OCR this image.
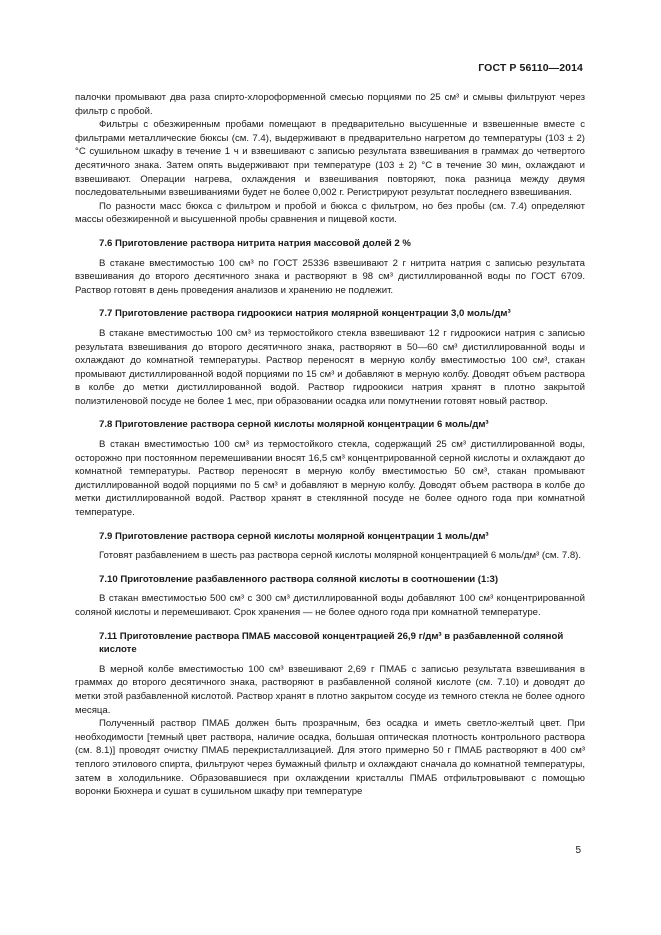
ГОСТ Р 56110—2014

палочки промывают два раза спирто-хлороформенной смесью порциями по 25 см³ и смывы фильтруют через фильтр с пробой.

Фильтры с обезжиренным пробами помещают в предварительно высушенные и взвешенные вместе с фильтрами металлические бюксы (см. 7.4), выдерживают в предварительно нагретом до температуры (103 ± 2) °С сушильном шкафу в течение 1 ч и взвешивают с записью результата взвешивания в граммах до четвертого десятичного знака. Затем опять выдерживают при температуре (103 ± 2) °С в течение 30 мин, охлаждают и взвешивают. Операции нагрева, охлаждения и взвешивания повторяют, пока разница между двумя последовательными взвешиваниями будет не более 0,002 г. Регистрируют результат последнего взвешивания.

По разности масс бюкса с фильтром и пробой и бюкса с фильтром, но без пробы (см. 7.4) определяют массы обезжиренной и высушенной пробы сравнения и пищевой кости.

7.6 Приготовление раствора нитрита натрия массовой долей 2 %

В стакане вместимостью 100 см³ по ГОСТ 25336 взвешивают 2 г нитрита натрия с записью результата взвешивания до второго десятичного знака и растворяют в 98 см³ дистиллированной воды по ГОСТ 6709. Раствор готовят в день проведения анализов и хранению не подлежит.

7.7 Приготовление раствора гидроокиси натрия молярной концентрации 3,0 моль/дм³

В стакане вместимостью 100 см³ из термостойкого стекла взвешивают 12 г гидроокиси натрия с записью результата взвешивания до второго десятичного знака, растворяют в 50—60 см³ дистиллированной воды и охлаждают до комнатной температуры. Раствор переносят в мерную колбу вместимостью 100 см³, стакан промывают дистиллированной водой порциями по 15 см³ и добавляют в мерную колбу. Доводят объем раствора в колбе до метки дистиллированной водой. Раствор гидроокиси натрия хранят в плотно закрытой полиэтиленовой посуде не более 1 мес, при образовании осадка или помутнении готовят новый раствор.

7.8 Приготовление раствора серной кислоты молярной концентрации 6 моль/дм³

В стакан вместимостью 100 см³ из термостойкого стекла, содержащий 25 см³ дистиллированной воды, осторожно при постоянном перемешивании вносят 16,5 см³ концентрированной серной кислоты и охлаждают до комнатной температуры. Раствор переносят в мерную колбу вместимостью 50 см³, стакан промывают дистиллированной водой порциями по 5 см³ и добавляют в мерную колбу. Доводят объем раствора в колбе до метки дистиллированной водой. Раствор хранят в стеклянной посуде не более одного года при комнатной температуре.

7.9 Приготовление раствора серной кислоты молярной концентрации 1 моль/дм³

Готовят разбавлением в шесть раз раствора серной кислоты молярной концентрацией 6 моль/дм³ (см. 7.8).

7.10 Приготовление разбавленного раствора соляной кислоты в соотношении (1:3)

В стакан вместимостью 500 см³ с 300 см³ дистиллированной воды добавляют 100 см³ концентрированной соляной кислоты и перемешивают. Срок хранения — не более одного года при комнатной температуре.

7.11 Приготовление раствора ПМАБ массовой концентрацией 26,9 г/дм³ в разбавленной соляной кислоте

В мерной колбе вместимостью 100 см³ взвешивают 2,69 г ПМАБ с записью результата взвешивания в граммах до второго десятичного знака, растворяют в разбавленной соляной кислоте (см. 7.10) и доводят до метки этой разбавленной кислотой. Раствор хранят в плотно закрытом сосуде из темного стекла не более одного месяца.

Полученный раствор ПМАБ должен быть прозрачным, без осадка и иметь светло-желтый цвет. При необходимости [темный цвет раствора, наличие осадка, большая оптическая плотность контрольного раствора (см. 8.1)] проводят очистку ПМАБ перекристаллизацией. Для этого примерно 50 г ПМАБ растворяют в 400 см³ теплого этилового спирта, фильтруют через бумажный фильтр и охлаждают сначала до комнатной температуры, затем в холодильнике. Образовавшиеся при охлаждении кристаллы ПМАБ отфильтровывают с помощью воронки Бюхнера и сушат в сушильном шкафу при температуре

5
